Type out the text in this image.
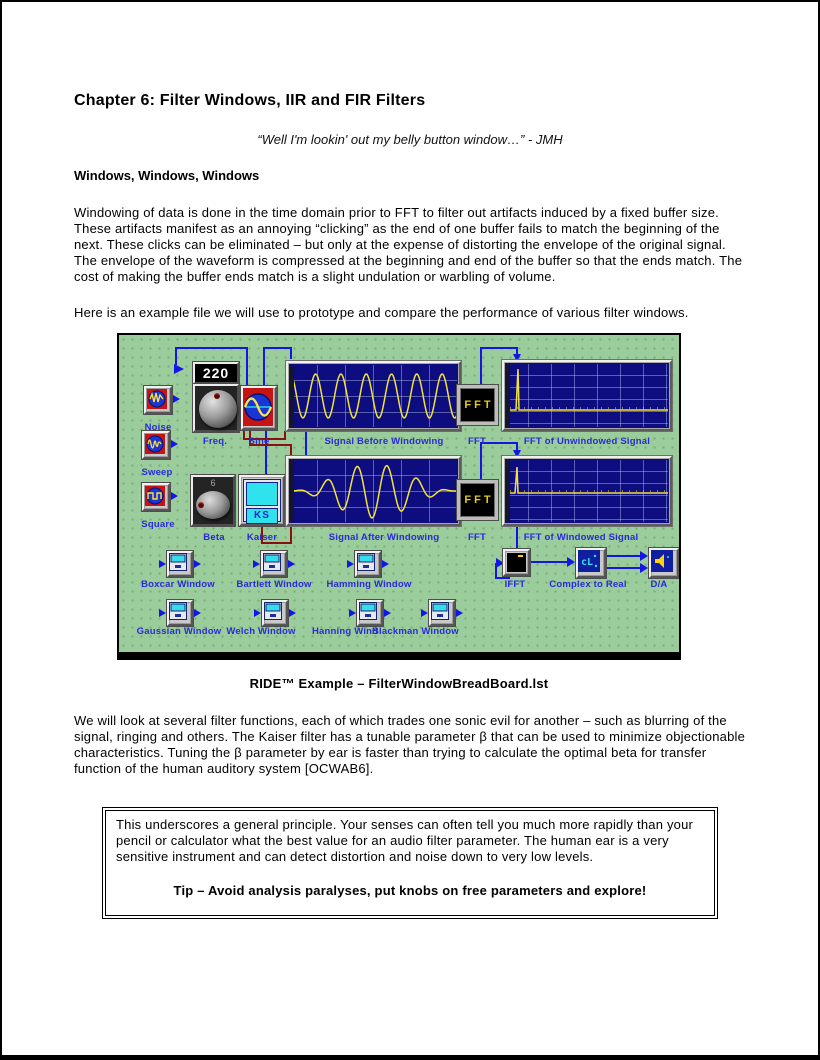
Chapter 6: Filter Windows, IIR and FIR Filters

“Well I'm lookin' out my belly button window…” - JMH

Windows, Windows, Windows

Windowing of data is done in the time domain prior to FFT to filter out artifacts induced by a fixed buffer size. These artifacts manifest as an annoying “clicking” as the end of one buffer fails to match the beginning of the next. These clicks can be eliminated – but only at the expense of distorting the envelope of the original signal. The envelope of the waveform is compressed at the beginning and end of the buffer so that the ends match. The cost of making the buffer ends match is a slight undulation or warbling of volume.

Here is an example file we will use to prototype and compare the performance of various filter windows.

220
FFT
6
KS
FFT
cL
Noise
Sweep
Square
Freq. Sine	Signal Before Windowing	FFT	FFT of Unwindowed Signal
Beta Kaiser	Signal After Windowing	FFT	FFT of Windowed Signal
Boxcar Window Bartlett Window Hamming Window	IFFT	Complex to Real	D/A
Gaussian Window Welch Window Hanning Wind
Blackman Window
RIDE™ Example – FilterWindowBreadBoard.lst

We will look at several filter functions, each of which trades one sonic evil for another – such as blurring of the signal, ringing and others. The Kaiser filter has a tunable parameter β that can be used to minimize objectionable characteristics. Tuning the β parameter by ear is faster than trying to calculate the optimal beta for transfer function of the human auditory system [OCWAB6].

This underscores a general principle. Your senses can often tell you much more rapidly than your pencil or calculator what the best value for an audio filter parameter. The human ear is a very sensitive instrument and can detect distortion and noise down to very low levels.

Tip – Avoid analysis paralyses, put knobs on free parameters and explore!
